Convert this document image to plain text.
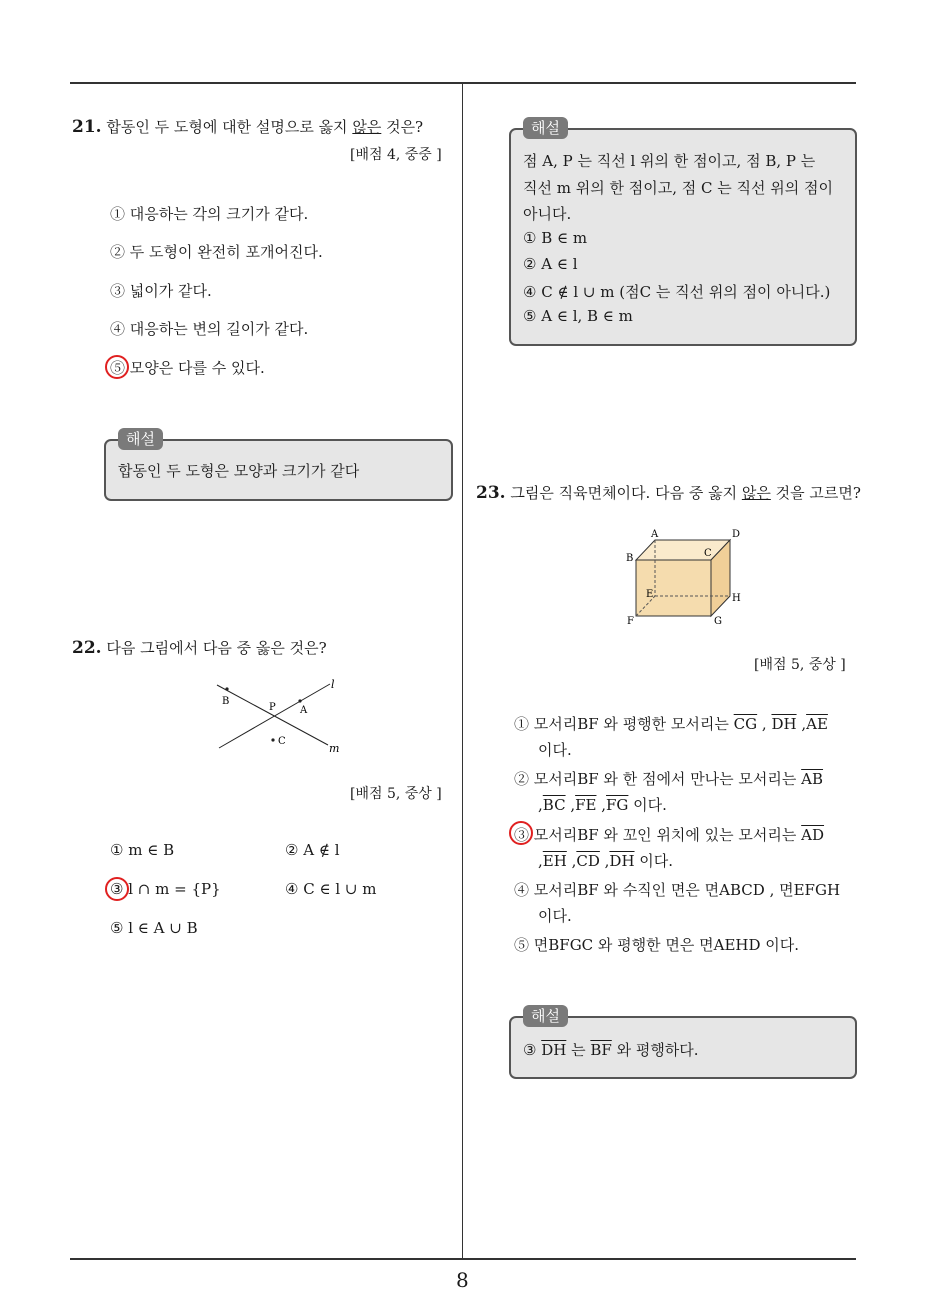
8
21. 합동인 두 도형에 대한 설명으로 옳지 않은 것은?
[배점 4, 중중 ]
① 대응하는 각의 크기가 같다.
② 두 도형이 완전히 포개어진다.
③ 넓이가 같다.
④ 대응하는 변의 길이가 같다.
⑤ 모양은 다를 수 있다.
해설
합동인 두 도형은 모양과 크기가 같다
22. 다음 그림에서 다음 중 옳은 것은?
B
P A
C
l
m
[배점 5, 중상 ]
① m ∈ B	② A ∉ l
③ l ∩ m = {P}	④ C ∈ l ∪ m
⑤ l ∈ A ∪ B
해설
점 A, P 는 직선 l 위의 한 점이고, 점 B, P 는
직선 m 위의 한 점이고, 점 C 는 직선 위의 점이
아니다.
① B ∈ m
② A ∈ l
④ C ∉ l ∪ m (점C 는 직선 위의 점이 아니다.)
⑤ A ∈ l, B ∈ m
23. 그림은 직육면체이다. 다음 중 옳지 않은 것을 고르면?
A	D
B	C
E	H
F	G
[배점 5, 중상 ]
① 모서리BF 와 평행한 모서리는 $\overline{CG}$ , $\overline{DH}$ $,\overline{AE}$
이다.
② 모서리BF 와 한 점에서 만나는 모서리는 $\overline{AB}$
$,\overline{BC}$ $,\overline{FE}$ $,\overline{FG}$ 이다.
③ 모서리BF 와 꼬인 위치에 있는 모서리는 $\overline{AD}$
$,\overline{EH}$ $,\overline{CD}$ $,\overline{DH}$ 이다.
④ 모서리BF 와 수직인 면은 면ABCD , 면EFGH
이다.
⑤ 면BFGC 와 평행한 면은 면AEHD 이다.
해설
③ $\overline{DH}$ 는 $\overline{BF}$ 와 평행하다.
